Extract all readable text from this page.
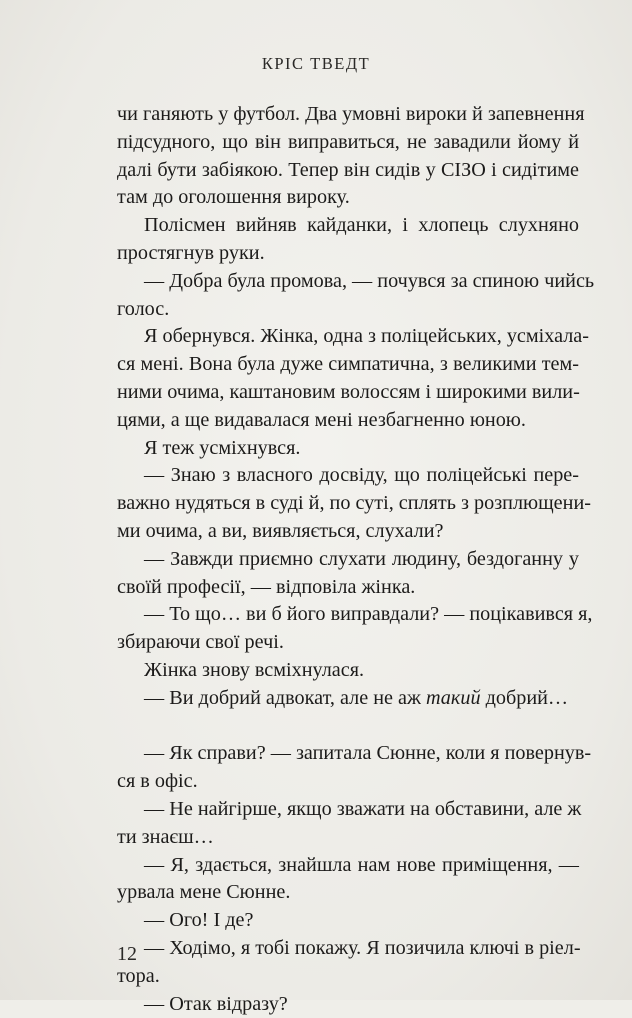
КРІС ТВЕДТ
чи ганяють у футбол. Два умовні вироки й запевнення
підсудного, що він виправиться, не завадили йому й
далі бути забіякою. Тепер він сидів у СІЗО і сидітиме
там до оголошення вироку.
Полісмен вийняв кайданки, і хлопець слухняно
простягнув руки.
— Добра була промова, — почувся за спиною чийсь
голос.
Я обернувся. Жінка, одна з поліцейських, усміхала-
ся мені. Вона була дуже симпатична, з великими тем-
ними очима, каштановим волоссям і широкими вили-
цями, а ще видавалася мені незбагненно юною.
Я теж усміхнувся.
— Знаю з власного досвіду, що поліцейські пере-
важно нудяться в суді й, по суті, сплять з розплющени-
ми очима, а ви, виявляється, слухали?
— Завжди приємно слухати людину, бездоганну у
своїй професії, — відповіла жінка.
— То що… ви б його виправдали? — поцікавився я,
збираючи свої речі.
Жінка знову всміхнулася.
— Ви добрий адвокат, але не аж такий добрий…
— Як справи? — запитала Сюнне, коли я повернув-
ся в офіс.
— Не найгірше, якщо зважати на обставини, але ж
ти знаєш…
— Я, здається, знайшла нам нове приміщення, —
урвала мене Сюнне.
— Ого! І де?
— Ходімо, я тобі покажу. Я позичила ключі в ріел-
тора.
— Отак відразу?
12
